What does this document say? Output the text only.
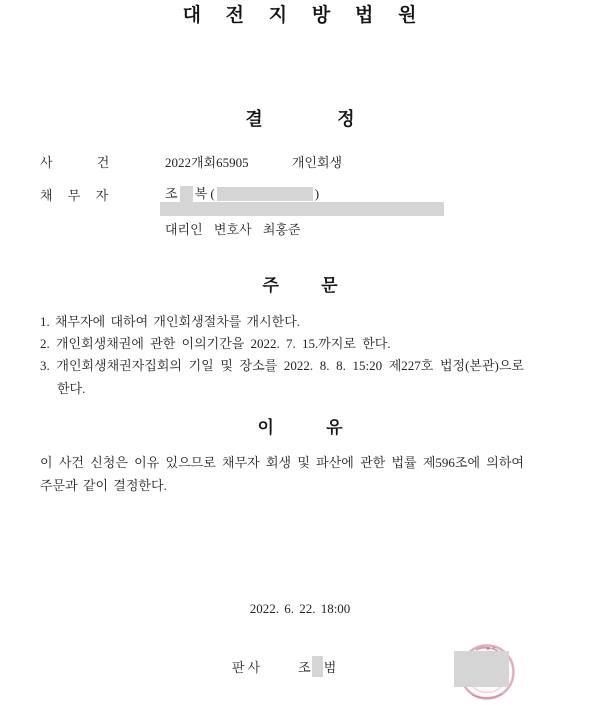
대 전 지 방 법 원
결 정
사 건	2022개회65905 개인회생
채 무 자	조 복 (	)
대리인 변호사 최홍준
주 문
1. 채무자에 대하여 개인회생절차를 개시한다.
2. 개인회생채권에 관한 이의기간을 2022. 7. 15.까지로 한다.
3. 개인회생채권자집회의 기일 및 장소를 2022. 8. 8. 15:20 제227호 법정(본관)으로
한다.
이 유
이 사건 신청은 이유 있으므로 채무자 회생 및 파산에 관한 법률 제596조에 의하여
주문과 같이 결정한다.
2022. 6. 22. 18:00
판사	조 범
